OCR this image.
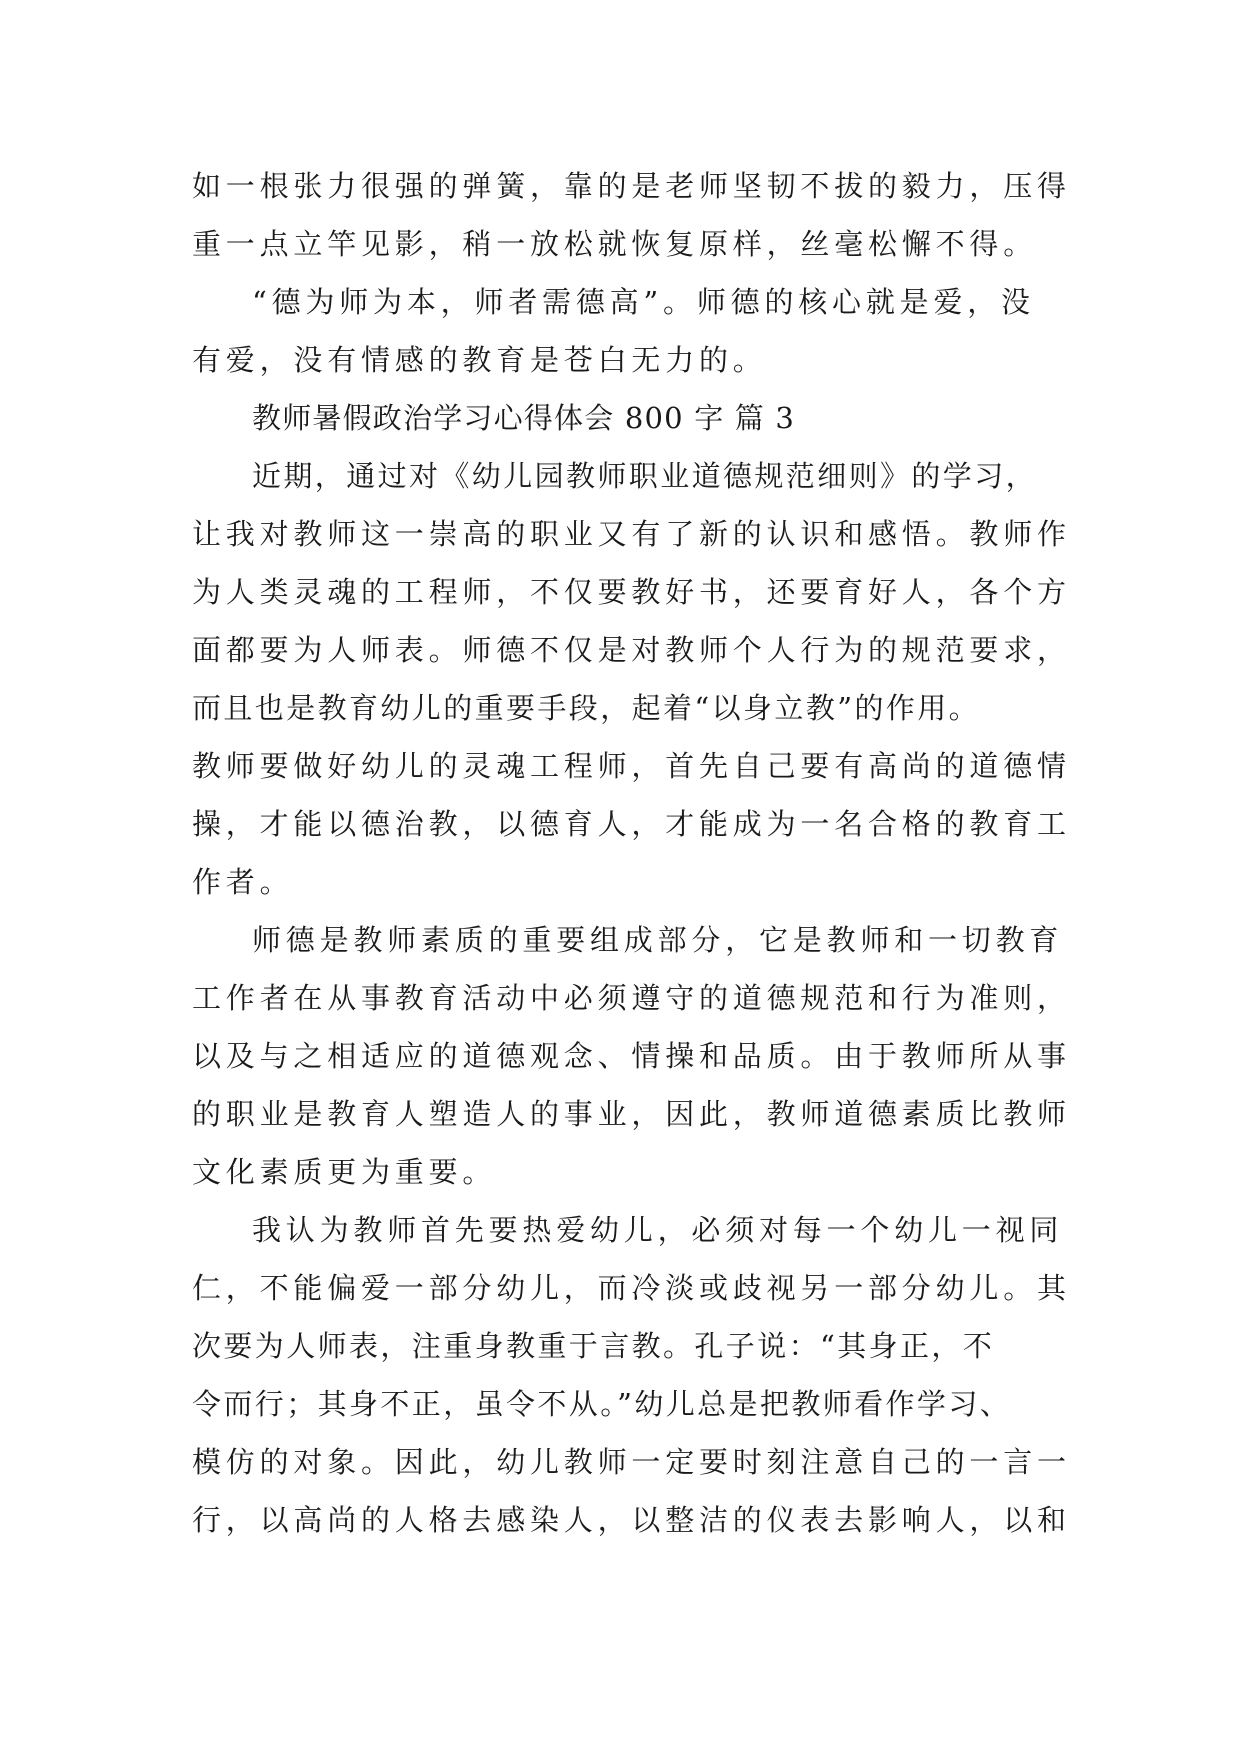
如一根张力很强的弹簧，靠的是老师坚韧不拔的毅力，压得
重一点立竿见影，稍一放松就恢复原样，丝毫松懈不得。
“德为师为本，师者需德高”。师德的核心就是爱，没
有爱，没有情感的教育是苍白无力的。
教师暑假政治学习心得体会 800 字 篇 3
近期，通过对《幼儿园教师职业道德规范细则》的学习，
让我对教师这一崇高的职业又有了新的认识和感悟。教师作
为人类灵魂的工程师，不仅要教好书，还要育好人，各个方
面都要为人师表。师德不仅是对教师个人行为的规范要求，
而且也是教育幼儿的重要手段，起着“以身立教”的作用。
教师要做好幼儿的灵魂工程师，首先自己要有高尚的道德情
操，才能以德治教，以德育人，才能成为一名合格的教育工
作者。
师德是教师素质的重要组成部分，它是教师和一切教育
工作者在从事教育活动中必须遵守的道德规范和行为准则，
以及与之相适应的道德观念、情操和品质。由于教师所从事
的职业是教育人塑造人的事业，因此，教师道德素质比教师
文化素质更为重要。
我认为教师首先要热爱幼儿，必须对每一个幼儿一视同
仁，不能偏爱一部分幼儿，而冷淡或歧视另一部分幼儿。其
次要为人师表，注重身教重于言教。孔子说：“其身正，不
令而行；其身不正，虽令不从。”幼儿总是把教师看作学习、
模仿的对象。因此，幼儿教师一定要时刻注意自己的一言一
行，以高尚的人格去感染人，以整洁的仪表去影响人，以和
